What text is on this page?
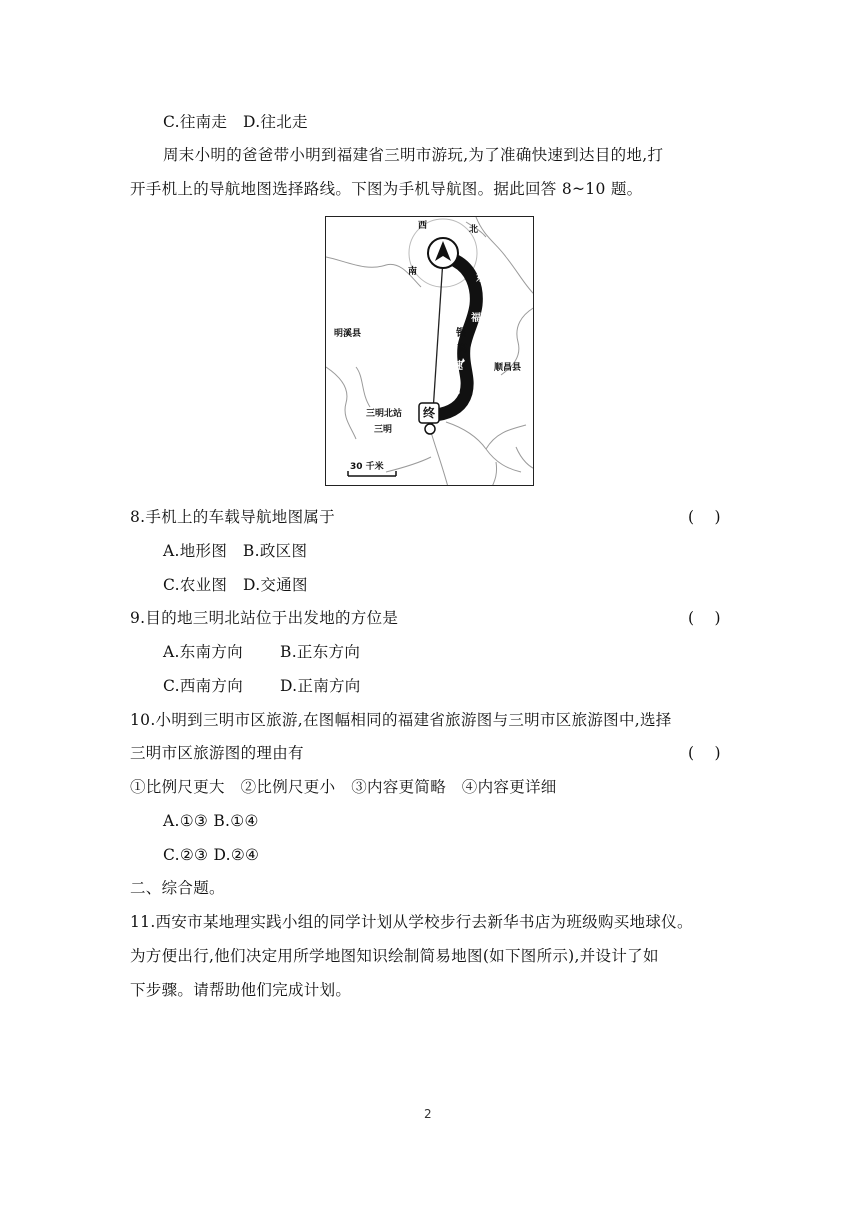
C.往南走　D.往北走
周末小明的爸爸带小明到福建省三明市游玩,为了准确快速到达目的地,打
开手机上的导航地图选择路线。下图为手机导航图。据此回答 8~10 题。
西	北
南
东
福
银
高
速
明溪县
顺昌县
三明北站
三明
终
30 千米
8.手机上的车载导航地图属于	(　 )
A.地形图　B.政区图
C.农业图　D.交通图
9.目的地三明北站位于出发地的方位是	(　 )
A.东南方向 B.正东方向
C.西南方向 D.正南方向
10.小明到三明市区旅游,在图幅相同的福建省旅游图与三明市区旅游图中,选择
三明市区旅游图的理由有	(　 )
①比例尺更大　②比例尺更小　③内容更简略　④内容更详细
A.①③ B.①④
C.②③ D.②④
二、综合题。
11.西安市某地理实践小组的同学计划从学校步行去新华书店为班级购买地球仪。
为方便出行,他们决定用所学地图知识绘制简易地图(如下图所示),并设计了如
下步骤。请帮助他们完成计划。
2
